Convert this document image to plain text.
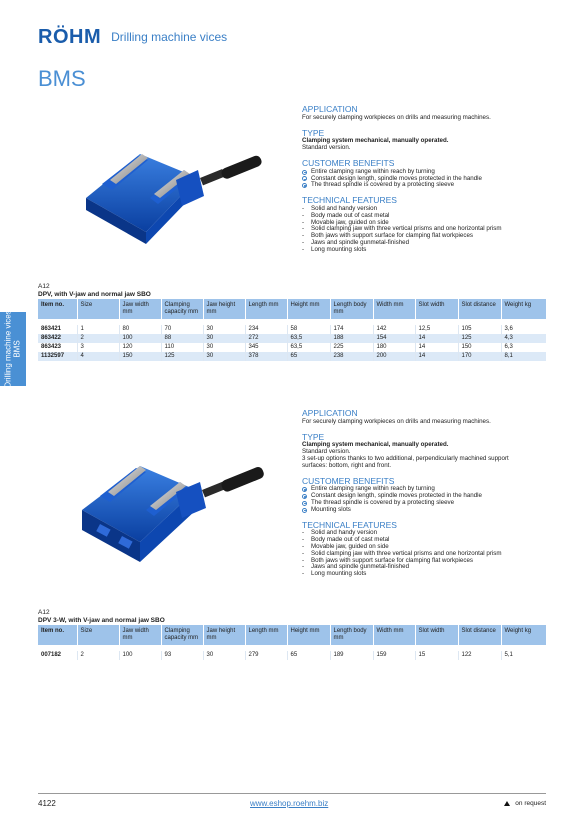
RÖHM Drilling machine vices
BMS
Drilling machine vices BMS
APPLICATION

For securely clamping workpieces on drills and measuring machines.

TYPE

Clamping system mechanical, manually operated.

Standard version.

CUSTOMER BENEFITS
Entire clamping range within reach by turning
Constant design length, spindle moves protected in the handle
The thread spindle is covered by a protecting sleeve
TECHNICAL FEATURES
-	Solid and handy version
-	Body made out of cast metal
-	Movable jaw, guided on side
-	Solid clamping jaw with three vertical prisms and one horizontal prism
-	Both jaws with support surface for clamping flat workpieces
-	Jaws and spindle gunmetal-finished
-	Long mounting slots
A12
DPV, with V-jaw and normal jaw SBO
Item no.	Size	Jaw width mm	Clamping capacity mm	Jaw height mm	Length mm	Height mm	Length body mm	Width mm	Slot width	Slot distance	Weight kg

863421	1	80	70	30	234	58	174	142	12,5	105	3,6
863422	2	100	88	30	272	63,5	188	154	14	125	4,3
863423	3	120	110	30	345	63,5	225	180	14	150	6,3
1132597	4	150	125	30	378	65	238	200	14	170	8,1
APPLICATION

For securely clamping workpieces on drills and measuring machines.

TYPE

Clamping system mechanical, manually operated.

Standard version.

3 set-up options thanks to two additional, perpendicularly machined support

surfaces: bottom, right and front.

CUSTOMER BENEFITS
Entire clamping range within reach by turning
Constant design length, spindle moves protected in the handle
The thread spindle is covered by a protecting sleeve
Mounting slots
TECHNICAL FEATURES
-	Solid and handy version
-	Body made out of cast metal
-	Movable jaw, guided on side
-	Solid clamping jaw with three vertical prisms and one horizontal prism
-	Both jaws with support surface for clamping flat workpieces
-	Jaws and spindle gunmetal-finished
-	Long mounting slots
A12
DPV 3-W, with V-jaw and normal jaw SBO
Item no.	Size	Jaw width mm	Clamping capacity mm	Jaw height mm	Length mm	Height mm	Length body mm	Width mm	Slot width	Slot distance	Weight kg

007182	2	100	93	30	279	65	189	159	15	122	5,1
4122	www.eshop.roehm.biz	on request
